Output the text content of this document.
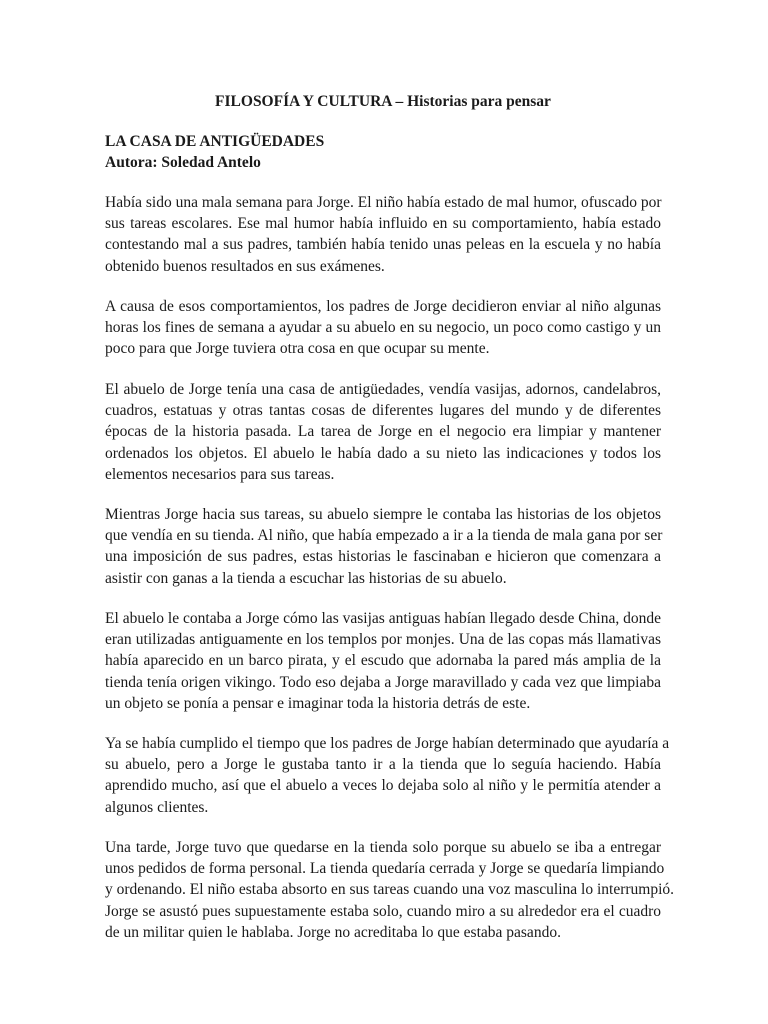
FILOSOFÍA Y CULTURA – Historias para pensar
LA CASA DE ANTIGÜEDADES
Autora: Soledad Antelo
Había sido una mala semana para Jorge. El niño había estado de mal humor, ofuscado por
sus tareas escolares. Ese mal humor había influido en su comportamiento, había estado
contestando mal a sus padres, también había tenido unas peleas en la escuela y no había
obtenido buenos resultados en sus exámenes.
A causa de esos comportamientos, los padres de Jorge decidieron enviar al niño algunas
horas los fines de semana a ayudar a su abuelo en su negocio, un poco como castigo y un
poco para que Jorge tuviera otra cosa en que ocupar su mente.
El abuelo de Jorge tenía una casa de antigüedades, vendía vasijas, adornos, candelabros,
cuadros, estatuas y otras tantas cosas de diferentes lugares del mundo y de diferentes
épocas de la historia pasada. La tarea de Jorge en el negocio era limpiar y mantener
ordenados los objetos. El abuelo le había dado a su nieto las indicaciones y todos los
elementos necesarios para sus tareas.
Mientras Jorge hacia sus tareas, su abuelo siempre le contaba las historias de los objetos
que vendía en su tienda. Al niño, que había empezado a ir a la tienda de mala gana por ser
una imposición de sus padres, estas historias le fascinaban e hicieron que comenzara a
asistir con ganas a la tienda a escuchar las historias de su abuelo.
El abuelo le contaba a Jorge cómo las vasijas antiguas habían llegado desde China, donde
eran utilizadas antiguamente en los templos por monjes. Una de las copas más llamativas
había aparecido en un barco pirata, y el escudo que adornaba la pared más amplia de la
tienda tenía origen vikingo. Todo eso dejaba a Jorge maravillado y cada vez que limpiaba
un objeto se ponía a pensar e imaginar toda la historia detrás de este.
Ya se había cumplido el tiempo que los padres de Jorge habían determinado que ayudaría a
su abuelo, pero a Jorge le gustaba tanto ir a la tienda que lo seguía haciendo. Había
aprendido mucho, así que el abuelo a veces lo dejaba solo al niño y le permitía atender a
algunos clientes.
Una tarde, Jorge tuvo que quedarse en la tienda solo porque su abuelo se iba a entregar
unos pedidos de forma personal. La tienda quedaría cerrada y Jorge se quedaría limpiando
y ordenando. El niño estaba absorto en sus tareas cuando una voz masculina lo interrumpió.
Jorge se asustó pues supuestamente estaba solo, cuando miro a su alrededor era el cuadro
de un militar quien le hablaba. Jorge no acreditaba lo que estaba pasando.
